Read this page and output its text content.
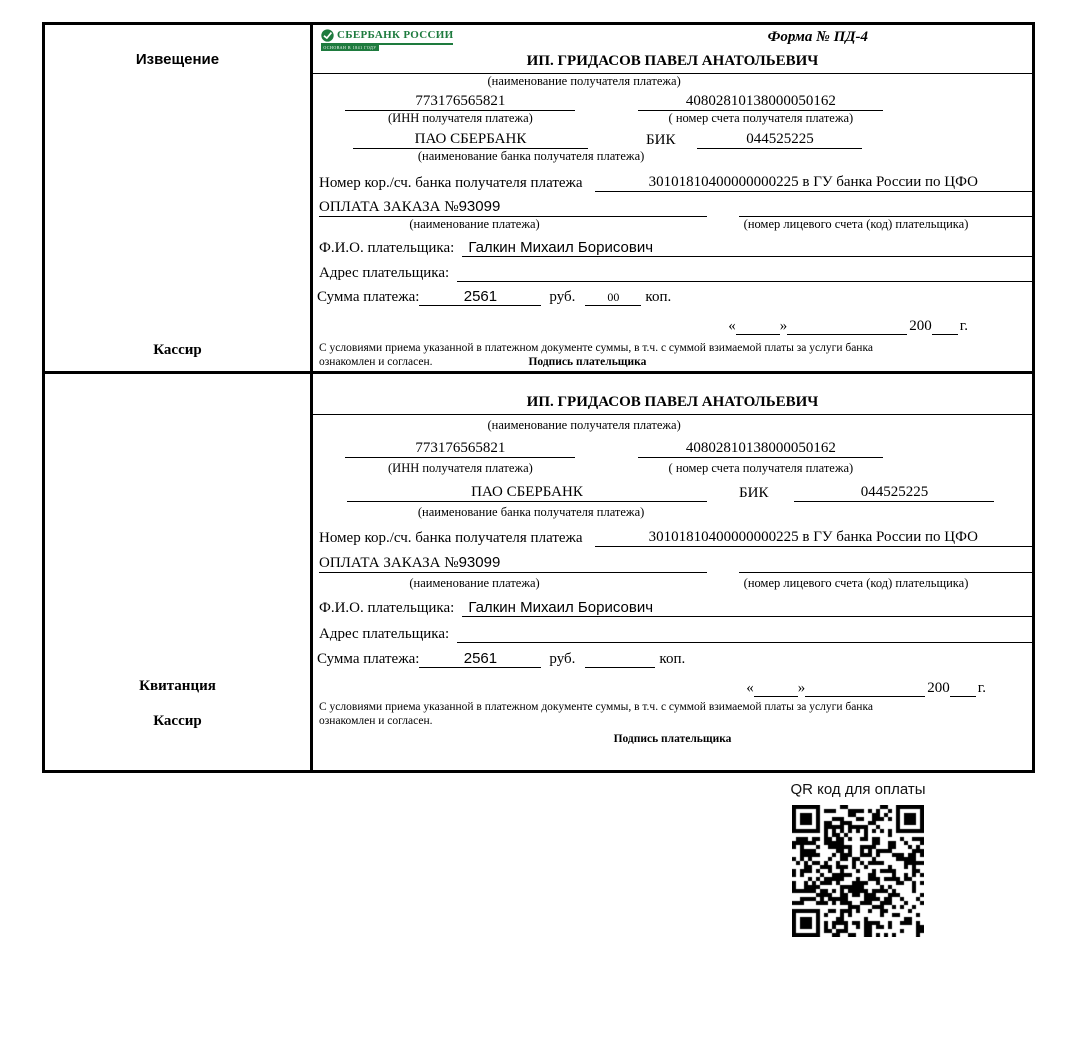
Извещение
Кассир
СБЕРБАНК РОССИИ
ОСНОВАН В 1841 ГОДУ
Форма № ПД-4
ИП. ГРИДАСОВ ПАВЕЛ АНАТОЛЬЕВИЧ
(наименование получателя платежа)
773176565821	40802810138000050162
(ИНН получателя платежа)	( номер счета получателя платежа)
ПАО СБЕРБАНК	БИК	044525225
(наименование банка получателя платежа)
Номер кор./сч. банка получателя платежа	30101810400000000225 в ГУ банка России по ЦФО
ОПЛАТА ЗАКАЗА №93099
(наименование платежа)	(номер лицевого счета (код) плательщика)
Ф.И.О. плательщика: Галкин Михаил Борисович
Адрес плательщика:
Сумма платежа:	2561	руб.	00	коп.
«	»	200 г.
С условиями приема указанной в платежном документе суммы, в т.ч. с суммой взимаемой платы за услуги банка
ознакомлен и согласен.	Подпись плательщика
Квитанция
Кассир
ИП. ГРИДАСОВ ПАВЕЛ АНАТОЛЬЕВИЧ
(наименование получателя платежа)
773176565821	40802810138000050162
(ИНН получателя платежа)	( номер счета получателя платежа)
ПАО СБЕРБАНК	БИК	044525225
(наименование банка получателя платежа)
Номер кор./сч. банка получателя платежа	30101810400000000225 в ГУ банка России по ЦФО
ОПЛАТА ЗАКАЗА №93099
(наименование платежа)	(номер лицевого счета (код) плательщика)
Ф.И.О. плательщика: Галкин Михаил Борисович
Адрес плательщика:
Сумма платежа:	2561	руб.	коп.
«	»	200 г.
С условиями приема указанной в платежном документе суммы, в т.ч. с суммой взимаемой платы за услуги банка
ознакомлен и согласен.
Подпись плательщика
QR код для оплаты
